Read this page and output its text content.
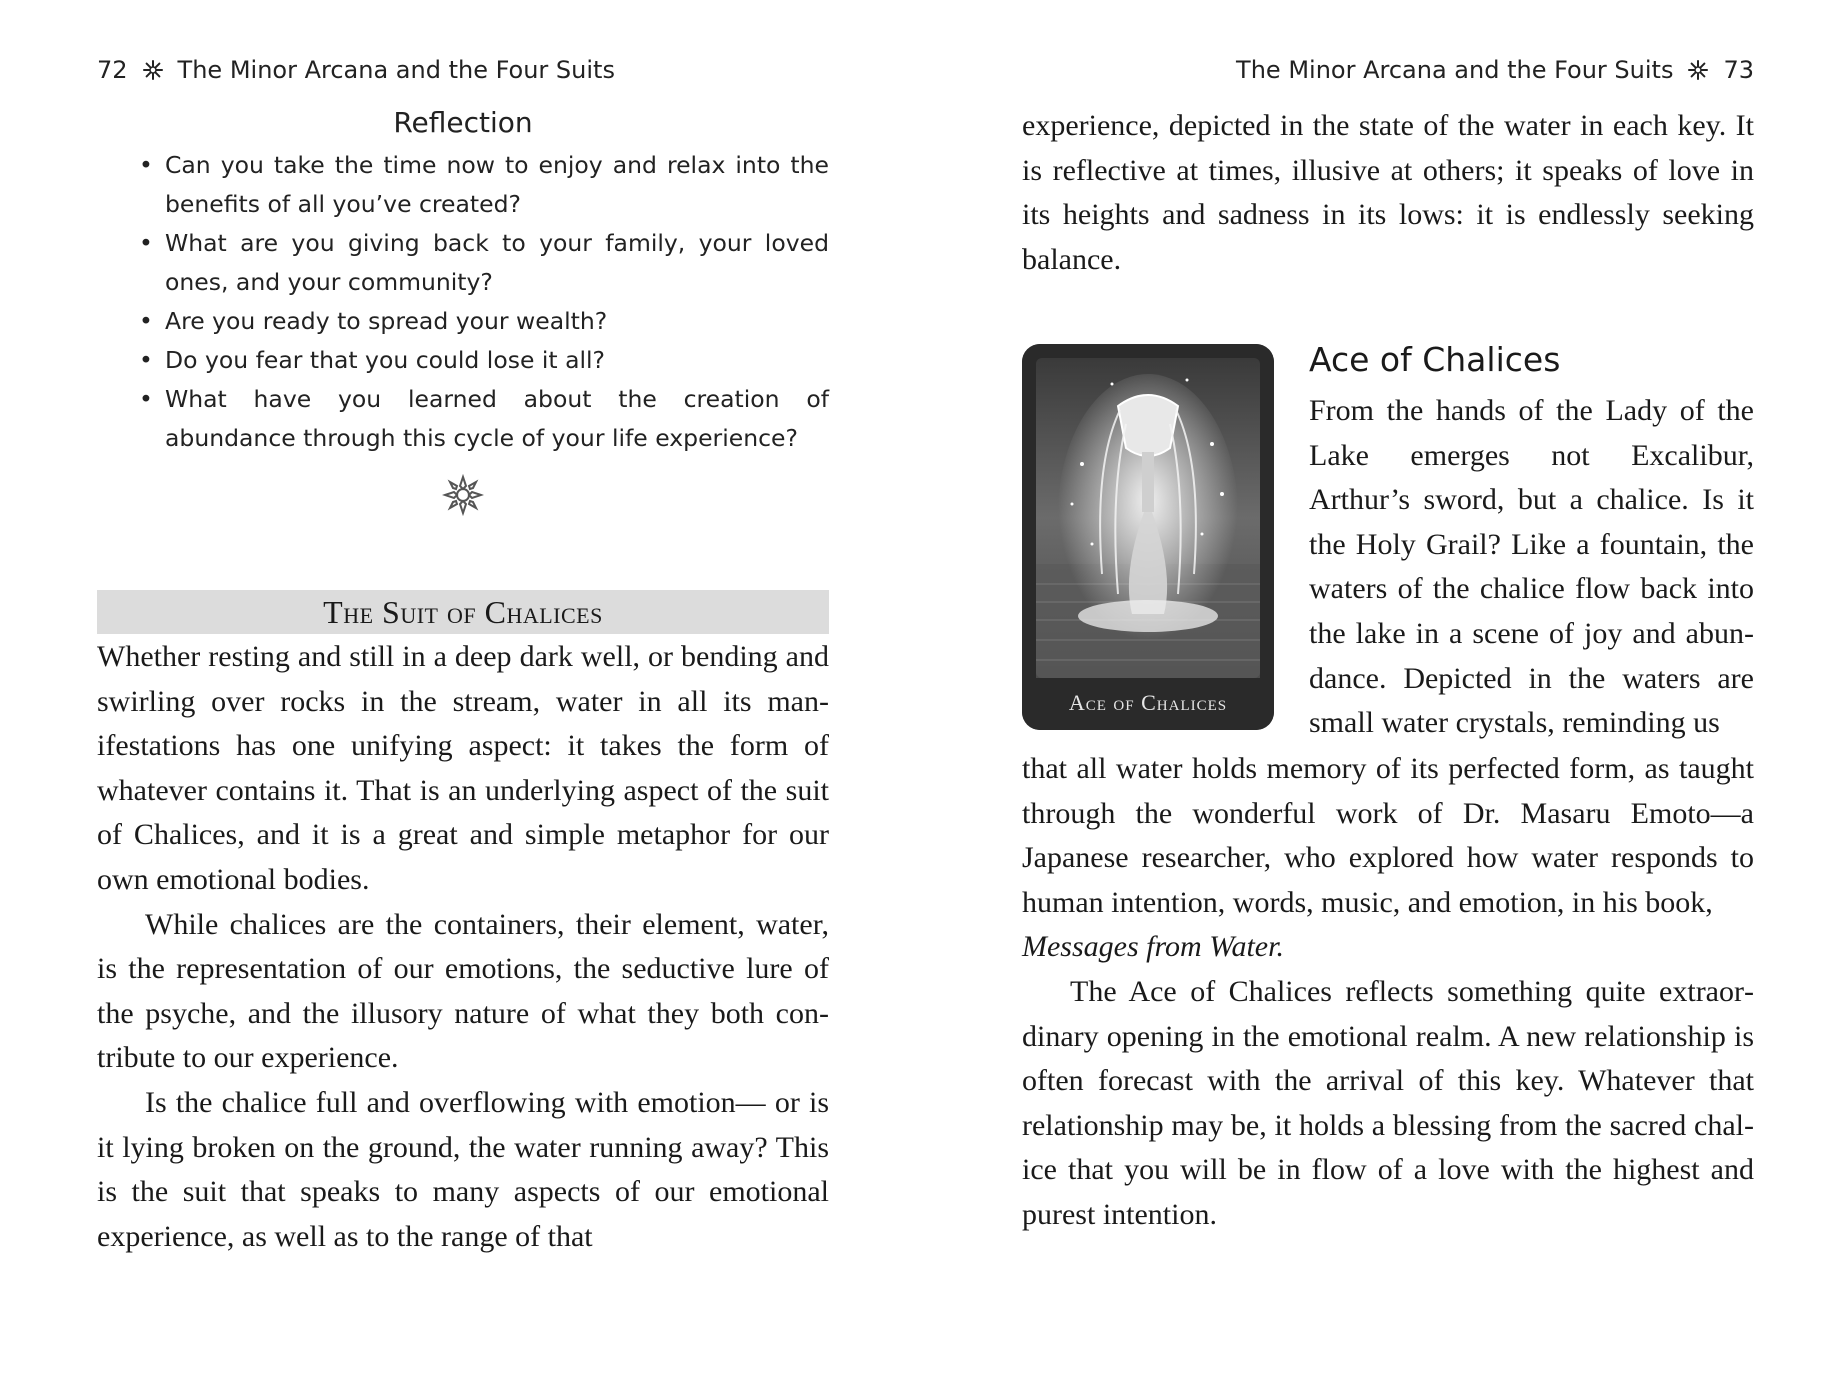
72 The Minor Arcana and the Four Suits
Reflection
• Can you take the time now to enjoy and relax into the benefits of all you’ve created?
• What are you giving back to your family, your loved ones, and your community?
• Are you ready to spread your wealth?
• Do you fear that you could lose it all?
• What have you learned about the creation of abundance through this cycle of your life experience?
The Suit of Chalices

Whether resting and still in a deep dark well, or bending and swirling over rocks in the stream, water in all its manifestations has one unifying aspect: it takes the form of whatever contains it. That is an underlying aspect of the suit of Chalices, and it is a great and simple metaphor for our own emotional bodies.

While chalices are the containers, their element, water, is the representation of our emotions, the seductive lure of the psyche, and the illusory nature of what they both contribute to our experience.

Is the chalice full and overflowing with emotion— or is it lying broken on the ground, the water running away? This is the suit that speaks to many aspects of our emotional experience, as well as to the range of that

The Minor Arcana and the Four Suits 73

experience, depicted in the state of the water in each key. It is reflective at times, illusive at others; it speaks of love in its heights and sadness in its lows: it is endlessly seeking balance.

Ace of Chalices
Ace of Chalices

From the hands of the Lady of the Lake emerges not Excalibur, Arthur’s sword, but a chalice. Is it the Holy Grail? Like a fountain, the waters of the chalice flow back into the lake in a scene of joy and abundance. Depicted in the waters are small water crystals, reminding us

that all water holds memory of its perfected form, as taught through the wonderful work of Dr. Masaru Emoto—a Japanese researcher, who explored how water responds to human intention, words, music, and emotion, in his book,
Messages from Water.

The Ace of Chalices reflects something quite extraordinary opening in the emotional realm. A new relationship is often forecast with the arrival of this key. Whatever that relationship may be, it holds a blessing from the sacred chalice that you will be in flow of a love with the highest and purest intention.
